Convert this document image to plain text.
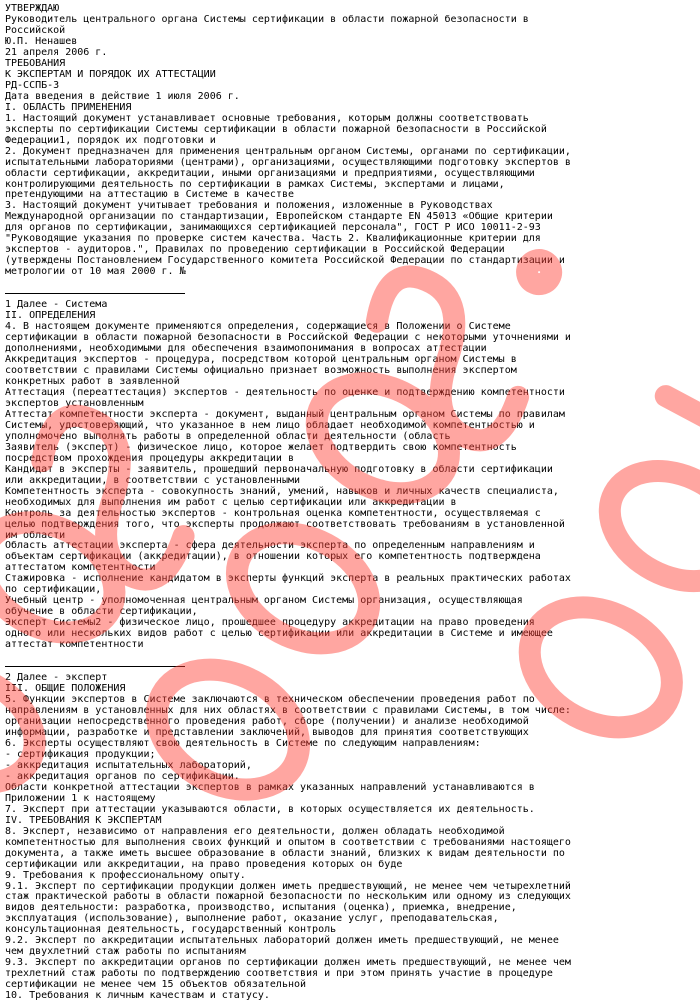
УТВЕРЖДАЮ
Руководитель центрального органа Системы сертификации в области пожарной безопасности в
Российской
Ю.П. Ненашев
21 апреля 2006 г.
ТРЕБОВАНИЯ
К ЭКСПЕРТАМ И ПОРЯДОК ИХ АТТЕСТАЦИИ
РД-ССПБ-3
Дата введения в действие 1 июля 2006 г.
I. ОБЛАСТЬ ПРИМЕНЕНИЯ
1. Настоящий документ устанавливает основные требования, которым должны соответствовать
эксперты по сертификации Системы сертификации в области пожарной безопасности в Российской
Федерации1, порядок их подготовки и
2. Документ предназначен для применения центральным органом Системы, органами по сертификации,
испытательными лабораториями (центрами), организациями, осуществляющими подготовку экспертов в
области сертификации, аккредитации, иными организациями и предприятиями, осуществляющими
контролирующими деятельность по сертификации в рамках Системы, экспертами и лицами,
претендующими на аттестацию в Системе в качестве
3. Настоящий документ учитывает требования и положения, изложенные в Руководствах
Международной организации по стандартизации, Европейском стандарте EN 45013 «Общие критерии
для органов по сертификации, занимающихся сертификацией персонала", ГОСТ Р ИСО 10011-2-93
"Руководящие указания по проверке систем качества. Часть 2. Квалификационные критерии для
экспертов - аудиторов.", Правилах по проведению сертификации в Российской Федерации
(утверждены Постановлением Государственного комитета Российской Федерации по стандартизации и
метрологии от 10 мая 2000 г. №
1 Далее - Система
II. ОПРЕДЕЛЕНИЯ
4. В настоящем документе применяются определения, содержащиеся в Положении о Системе
сертификации в области пожарной безопасности в Российской Федерации с некоторыми уточнениями и
дополнениями, необходимыми для обеспечения взаимопонимания в вопросах аттестации
Аккредитация экспертов - процедура, посредством которой центральным органом Системы в
соответствии с правилами Системы официально признает возможность выполнения экспертом
конкретных работ в заявленной
Аттестация (переаттестация) экспертов - деятельность по оценке и подтверждению компетентности
экспертов установленным
Аттестат компетентности эксперта - документ, выданный центральным органом Системы по правилам
Системы, удостоверяющий, что указанное в нем лицо обладает необходимой компетентностью и
уполномочено выполнять работы в определенной области деятельности (область
Заявитель (эксперт) - физическое лицо, которое желает подтвердить свою компетентность
посредством прохождения процедуры аккредитации в
Кандидат в эксперты - заявитель, прошедший первоначальную подготовку в области сертификации
или аккредитации, в соответствии с установленными
Компетентность эксперта - совокупность знаний, умений, навыков и личных качеств специалиста,
необходимых для выполнения им работ с целью сертификации или аккредитации в
Контроль за деятельностью экспертов - контрольная оценка компетентности, осуществляемая с
целью подтверждения того, что эксперты продолжают соответствовать требованиям в установленной
им области
Область аттестации эксперта - сфера деятельности эксперта по определенным направлениям и
объектам сертификации (аккредитации), в отношении которых его компетентность подтверждена
аттестатом компетентности
Стажировка - исполнение кандидатом в эксперты функций эксперта в реальных практических работах
по сертификации,
Учебный центр - уполномоченная центральным органом Системы организация, осуществляющая
обучение в области сертификации,
Эксперт Системы2 - физическое лицо, прошедшее процедуру аккредитации на право проведения
одного или нескольких видов работ с целью сертификации или аккредитации в Системе и имеющее
аттестат компетентности
2 Далее - эксперт
III. ОБЩИЕ ПОЛОЖЕНИЯ
5. Функции экспертов в Системе заключаются в техническом обеспечении проведения работ по
направлениям в установленных для них областях в соответствии с правилами Системы, в том числе:
организации непосредственного проведения работ, сборе (получении) и анализе необходимой
информации, разработке и представлении заключений, выводов для принятия соответствующих
6. Эксперты осуществляют свою деятельность в Системе по следующим направлениям:
- сертификация продукции;
- аккредитация испытательных лабораторий,
- аккредитация органов по сертификации.
Области конкретной аттестации экспертов в рамках указанных направлений устанавливаются в
Приложении 1 к настоящему
7. Эксперт при аттестации указываются области, в которых осуществляется их деятельность.
IV. ТРЕБОВАНИЯ К ЭКСПЕРТАМ
8. Эксперт, независимо от направления его деятельности, должен обладать необходимой
компетентностью для выполнения своих функций и опытом в соответствии с требованиями настоящего
документа, а также иметь высшее образование в области знаний, близких к видам деятельности по
сертификации или аккредитации, на право проведения которых он буде
9. Требования к профессиональному опыту.
9.1. Эксперт по сертификации продукции должен иметь предшествующий, не менее чем четырехлетний
стаж практической работы в области пожарной безопасности по нескольким или одному из следующих
видов деятельности: разработка, производство, испытания (оценка), приемка, внедрение,
эксплуатация (использование), выполнение работ, оказание услуг, преподавательская,
консультационная деятельность, государственный контроль
9.2. Эксперт по аккредитации испытательных лабораторий должен иметь предшествующий, не менее
чем двухлетний стаж работы по испытаниям
9.3. Эксперт по аккредитации органов по сертификации должен иметь предшествующий, не менее чем
трехлетний стаж работы по подтверждению соответствия и при этом принять участие в процедуре
сертификации не менее чем 15 объектов обязательной
10. Требования к личным качествам и статусу.
